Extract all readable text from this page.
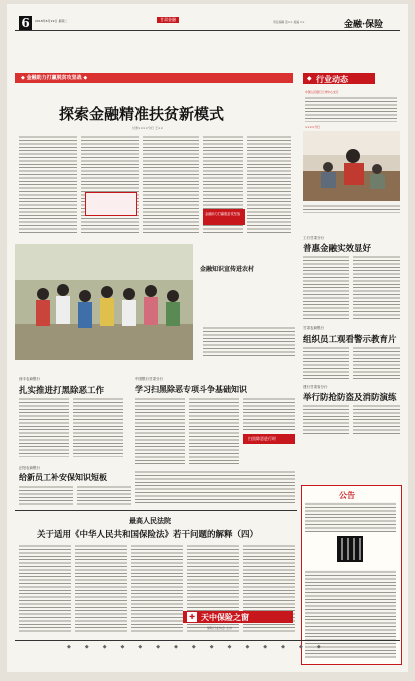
6	2018年6月19日 星期二	甘肃金融	责任编辑 张×× 美编 ××	金融·保险
◆ 金融助力打赢脱贫攻坚战 ◆
探索金融精准扶贫新模式
甘肃××××分行 王××
金融助力打赢脱贫攻坚战
◆ 行业动态
中国人民银行兰州中心支行
××××分行
工行甘肃分行
普惠金融实效显好
甘肃农商银行
组织员工观看警示教育片
建行甘肃省分行
举行防抢防盗及消防演练
公告
金融知识宣传进农村
西丰农商银行
扎实推进打黑除恶工作
中国银行甘肃分行
学习扫黑除恶专项斗争基础知识
扫黑除恶进行时
正阳农商银行
给新员工补安保知识短板
最高人民法院
关于适用《中华人民共和国保险法》若干问题的解释（四）
✚ 天中保险之窗
保险行业协会 主办
◆◆◆◆◆◆◆◆◆◆◆◆◆◆◆
